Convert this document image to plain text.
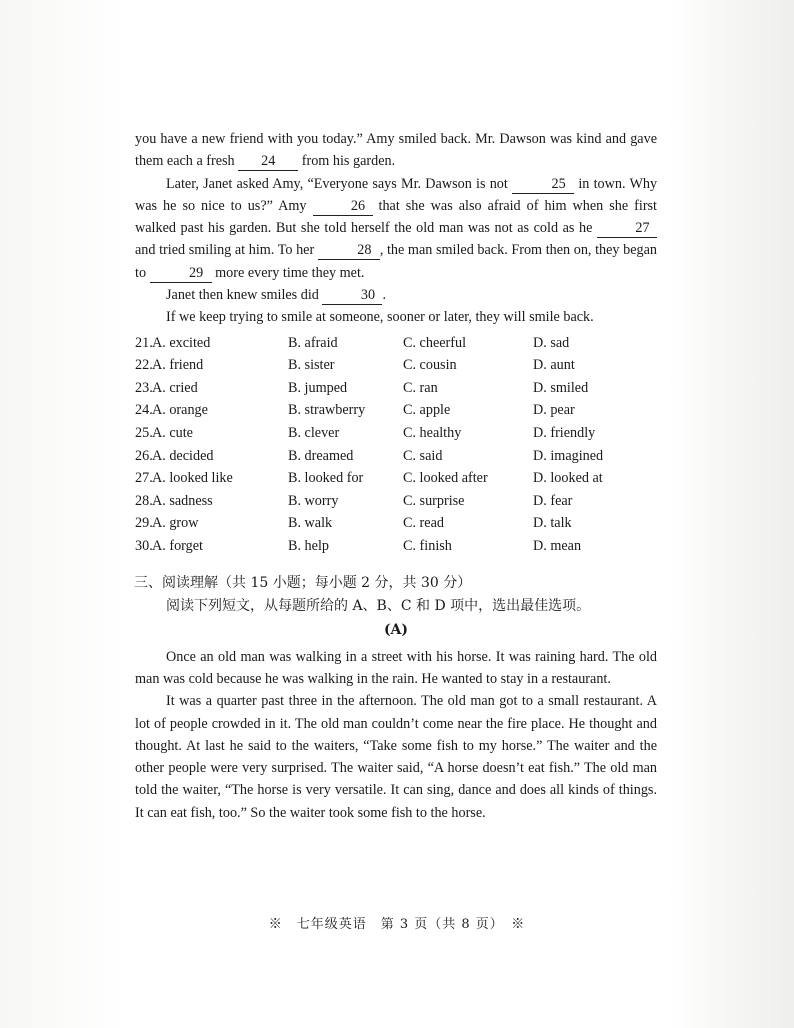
you have a new friend with you today.” Amy smiled back. Mr. Dawson was kind and gave them each a fresh 24 from his garden.

Later, Janet asked Amy, “Everyone says Mr. Dawson is not	25 in town. Why was he so nice to us?” Amy	26 that she was also afraid of him when she first walked past his garden. But she told herself the old man was not as cold as he	27 and tried smiling at him. To her	28 , the man smiled back. From then on, they began to	29 more every time they met.

Janet then knew smiles did	30 .

If we keep trying to smile at someone, sooner or later, they will smile back.

21. A. excited	B. afraid	C. cheerful	D. sad
22. A. friend	B. sister	C. cousin	D. aunt
23. A. cried	B. jumped	C. ran	D. smiled
24. A. orange	B. strawberry	C. apple	D. pear
25. A. cute	B. clever	C. healthy	D. friendly
26. A. decided	B. dreamed	C. said	D. imagined
27. A. looked like	B. looked for	C. looked after	D. looked at
28. A. sadness	B. worry	C. surprise	D. fear
29. A. grow	B. walk	C. read	D. talk
30. A. forget	B. help	C. finish	D. mean
三、阅读理解（共 15 小题；每小题 2 分，共 30 分）
阅读下列短文，从每题所给的 A、B、C 和 D 项中，选出最佳选项。
(A)

Once an old man was walking in a street with his horse. It was raining hard. The old man was cold because he was walking in the rain. He wanted to stay in a restaurant.

It was a quarter past three in the afternoon. The old man got to a small restaurant. A lot of people crowded in it. The old man couldn’t come near the fire place. He thought and thought. At last he said to the waiters, “Take some fish to my horse.” The waiter and the other people were very surprised. The waiter said, “A horse doesn’t eat fish.” The old man told the waiter, “The horse is very versatile. It can sing, dance and does all kinds of things. It can eat fish, too.” So the waiter took some fish to the horse.

※　七年级英语　第 3 页（共 8 页）　※
